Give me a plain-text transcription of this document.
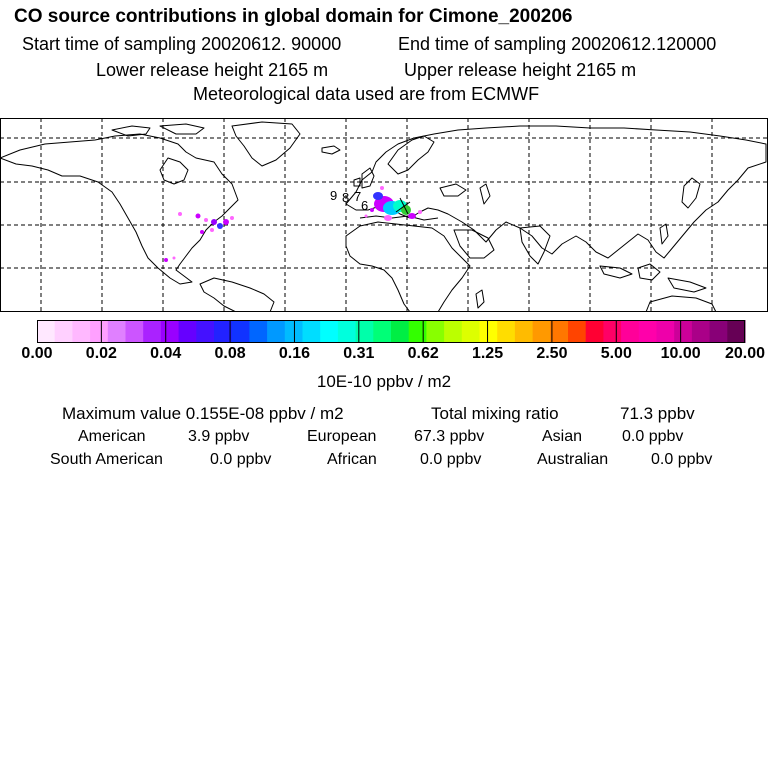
CO source contributions in global domain for Cimone_200206
Start time of sampling 20020612. 90000	End time of sampling 20020612.120000
Lower release height 2165 m	Upper release height 2165 m
Meteorological data used are from ECMWF
9 8 7
6
0.00 0.02 0.04 0.08 0.16 0.31 0.62 1.25 2.50 5.00 10.00 20.00
10E-10 ppbv / m2
Maximum value 0.155E-08 ppbv / m2	Total mixing ratio	71.3 ppbv
American	3.9 ppbv	European 67.3 ppbv	Asian 0.0 ppbv
South American	0.0 ppbv	African	0.0 ppbv	Australian	0.0 ppbv
